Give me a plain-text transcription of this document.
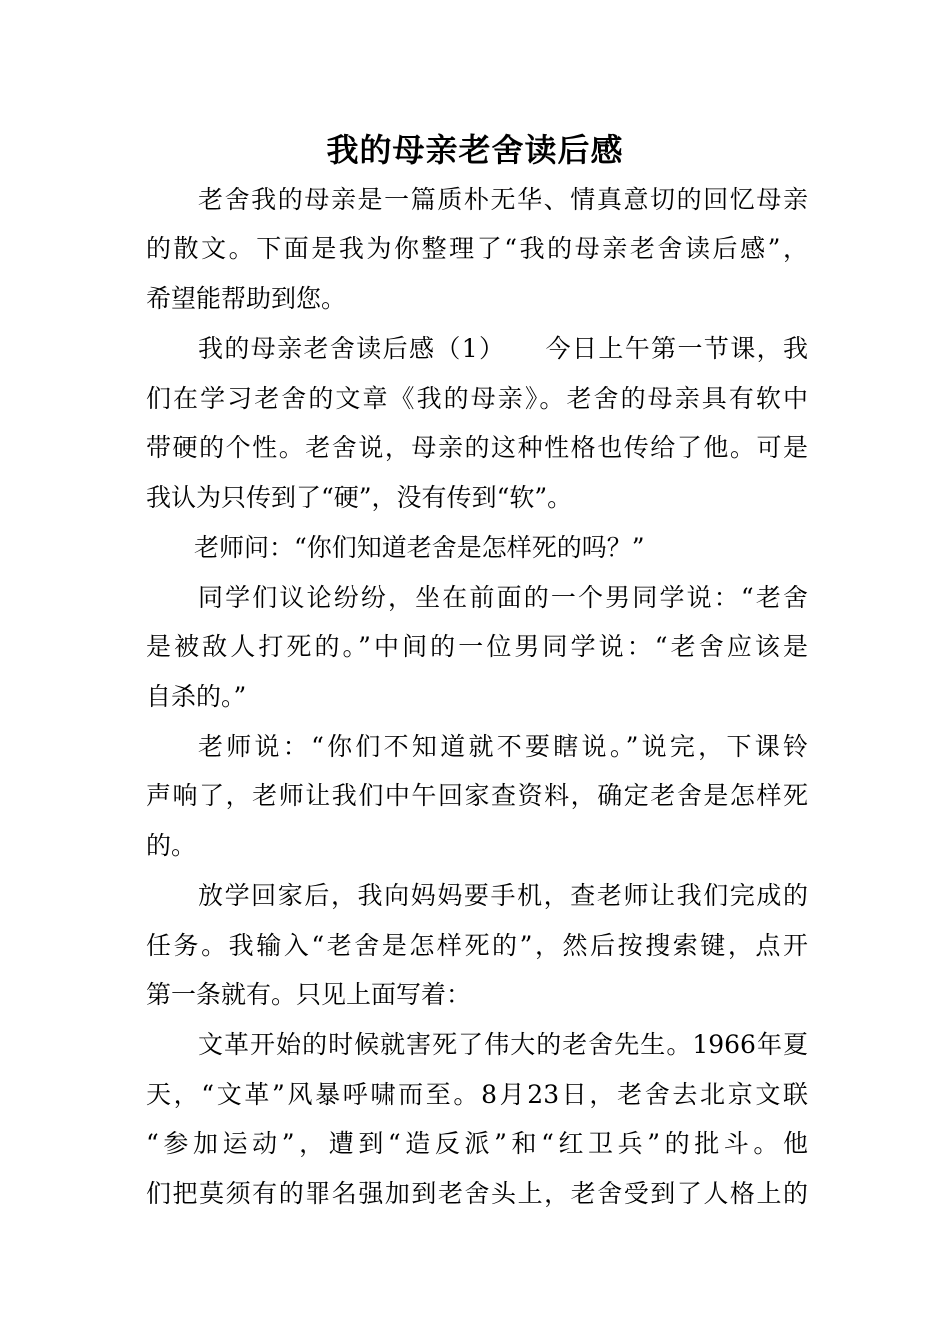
我的母亲老舍读后感
老舍我的母亲是一篇质朴无华、情真意切的回忆母亲
的散文。下面是我为你整理了“我的母亲老舍读后感”，
希望能帮助到您。
我的母亲老舍读后感（1）　　今日上午第一节课，我
们在学习老舍的文章《我的母亲》。老舍的母亲具有软中
带硬的个性。老舍说，母亲的这种性格也传给了他。可是
我认为只传到了“硬”，没有传到“软”。
老师问：“你们知道老舍是怎样死的吗？”
同学们议论纷纷，坐在前面的一个男同学说：“老舍
是被敌人打死的。”中间的一位男同学说：“老舍应该是
自杀的。”
老师说：“你们不知道就不要瞎说。”说完，下课铃
声响了，老师让我们中午回家查资料，确定老舍是怎样死
的。
放学回家后，我向妈妈要手机，查老师让我们完成的
任务。我输入“老舍是怎样死的”，然后按搜索键，点开
第一条就有。只见上面写着：
文革开始的时候就害死了伟大的老舍先生。1966年夏
天，“文革”风暴呼啸而至。8月23日，老舍去北京文联
“参加运动”，遭到“造反派”和“红卫兵”的批斗。他
们把莫须有的罪名强加到老舍头上，老舍受到了人格上的
